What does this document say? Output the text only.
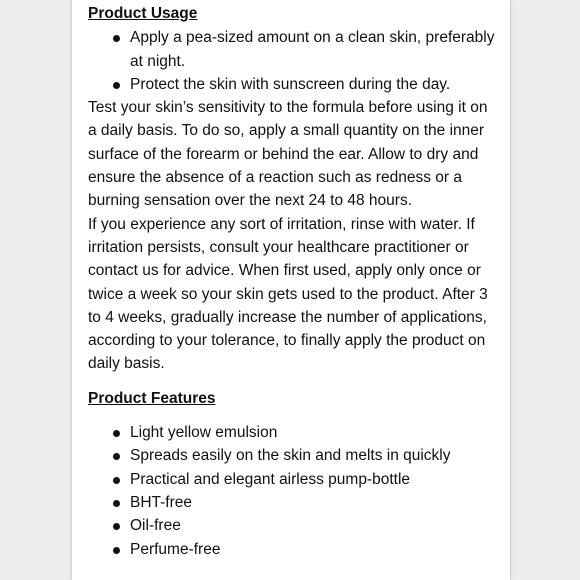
Product Usage
Apply a pea-sized amount on a clean skin, preferably at night.
Protect the skin with sunscreen during the day.

Test your skin’s sensitivity to the formula before using it on a daily basis. To do so, apply a small quantity on the inner surface of the forearm or behind the ear. Allow to dry and ensure the absence of a reaction such as redness or a burning sensation over the next 24 to 48 hours.

If you experience any sort of irritation, rinse with water. If irritation persists, consult your healthcare practitioner or contact us for advice. When first used, apply only once or twice a week so your skin gets used to the product. After 3 to 4 weeks, gradually increase the number of applications, according to your tolerance, to finally apply the product on daily basis.

Product Features
Light yellow emulsion
Spreads easily on the skin and melts in quickly
Practical and elegant airless pump-bottle
BHT-free
Oil-free
Perfume-free
